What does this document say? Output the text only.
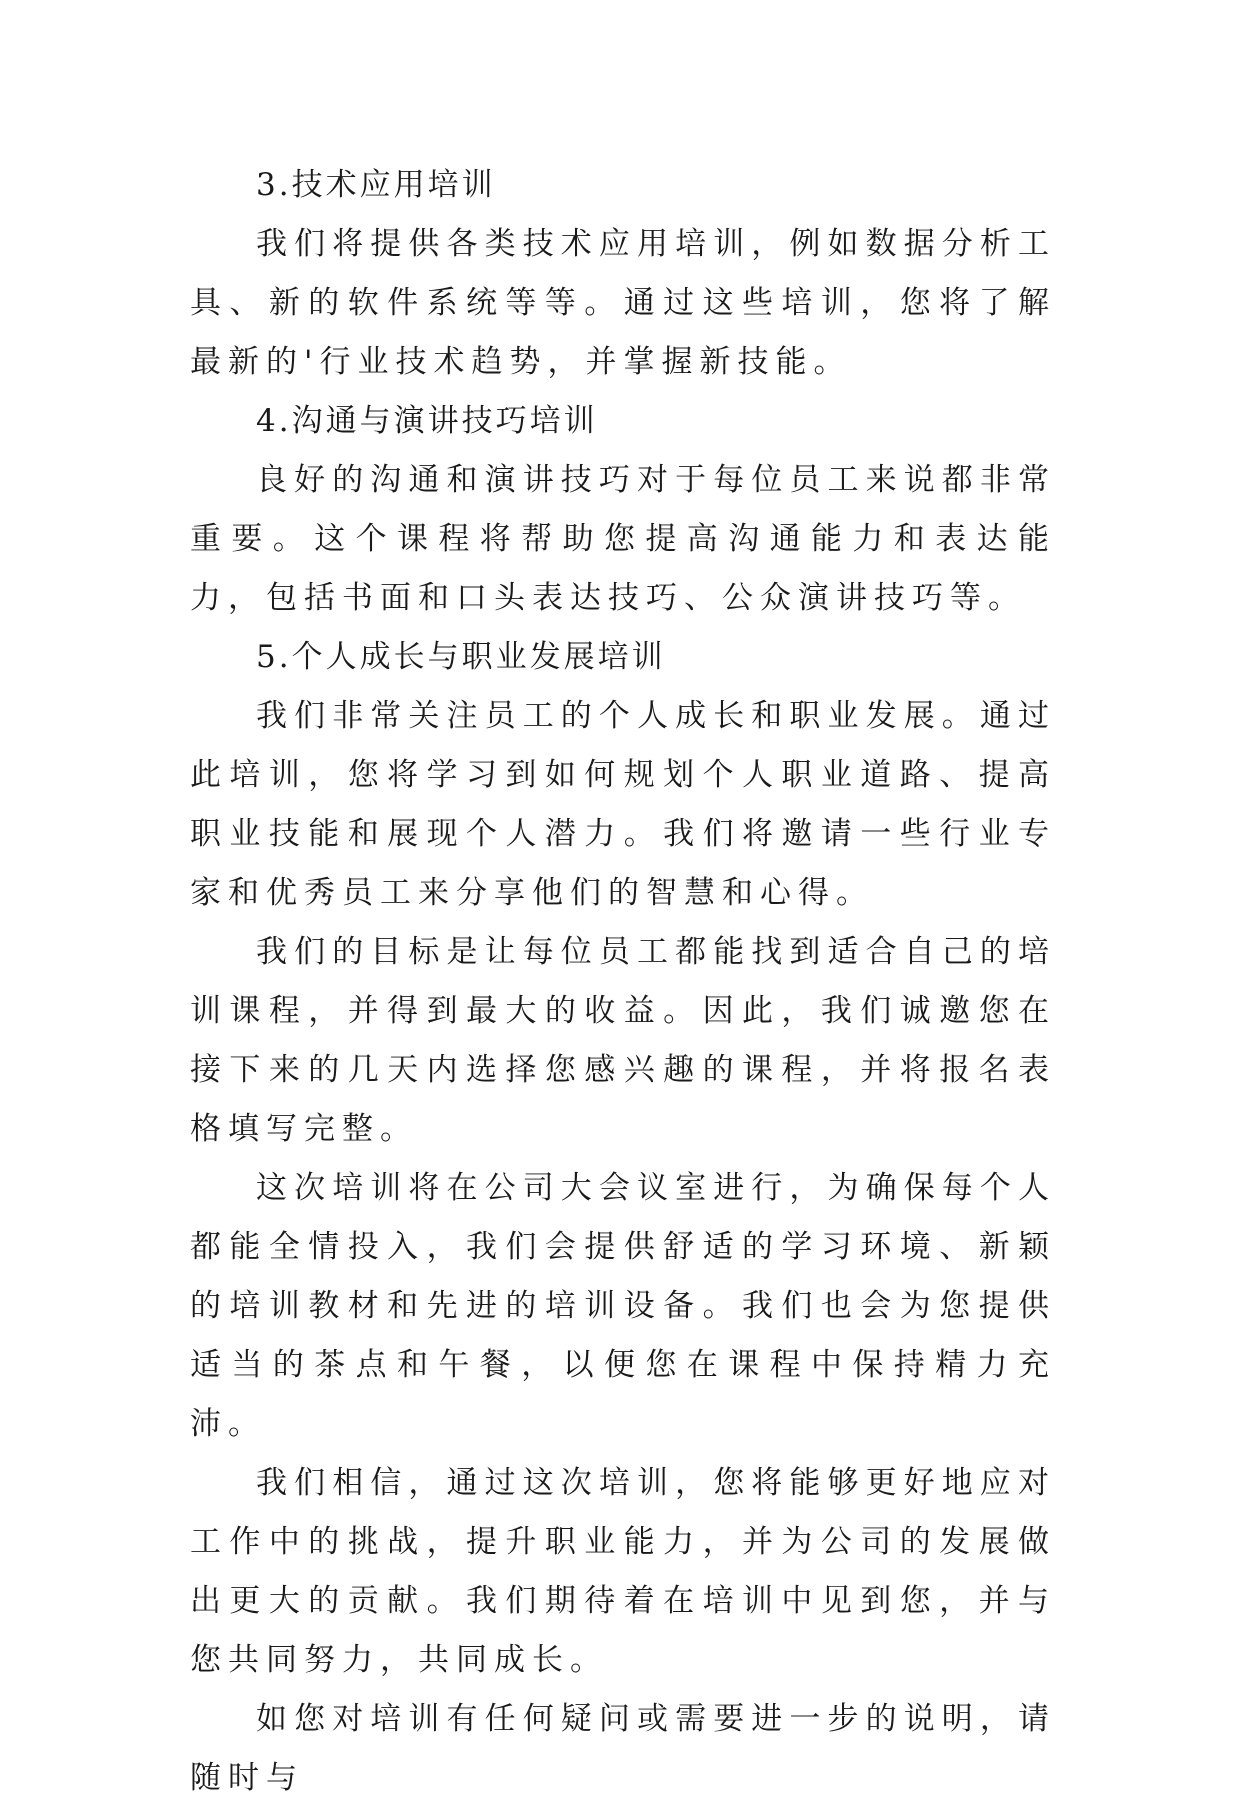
3.技术应用培训

我们将提供各类技术应用培训，例如数据分析工具、新的软件系统等等。通过这些培训，您将了解最新的'行业技术趋势，并掌握新技能。

4.沟通与演讲技巧培训

良好的沟通和演讲技巧对于每位员工来说都非常重要。这个课程将帮助您提高沟通能力和表达能力，包括书面和口头表达技巧、公众演讲技巧等。

5.个人成长与职业发展培训

我们非常关注员工的个人成长和职业发展。通过此培训，您将学习到如何规划个人职业道路、提高职业技能和展现个人潜力。我们将邀请一些行业专家和优秀员工来分享他们的智慧和心得。

我们的目标是让每位员工都能找到适合自己的培训课程，并得到最大的收益。因此，我们诚邀您在接下来的几天内选择您感兴趣的课程，并将报名表格填写完整。

这次培训将在公司大会议室进行，为确保每个人都能全情投入，我们会提供舒适的学习环境、新颖的培训教材和先进的培训设备。我们也会为您提供适当的茶点和午餐，以便您在课程中保持精力充沛。

我们相信，通过这次培训，您将能够更好地应对工作中的挑战，提升职业能力，并为公司的发展做出更大的贡献。我们期待着在培训中见到您，并与您共同努力，共同成长。

如您对培训有任何疑问或需要进一步的说明，请随时与
